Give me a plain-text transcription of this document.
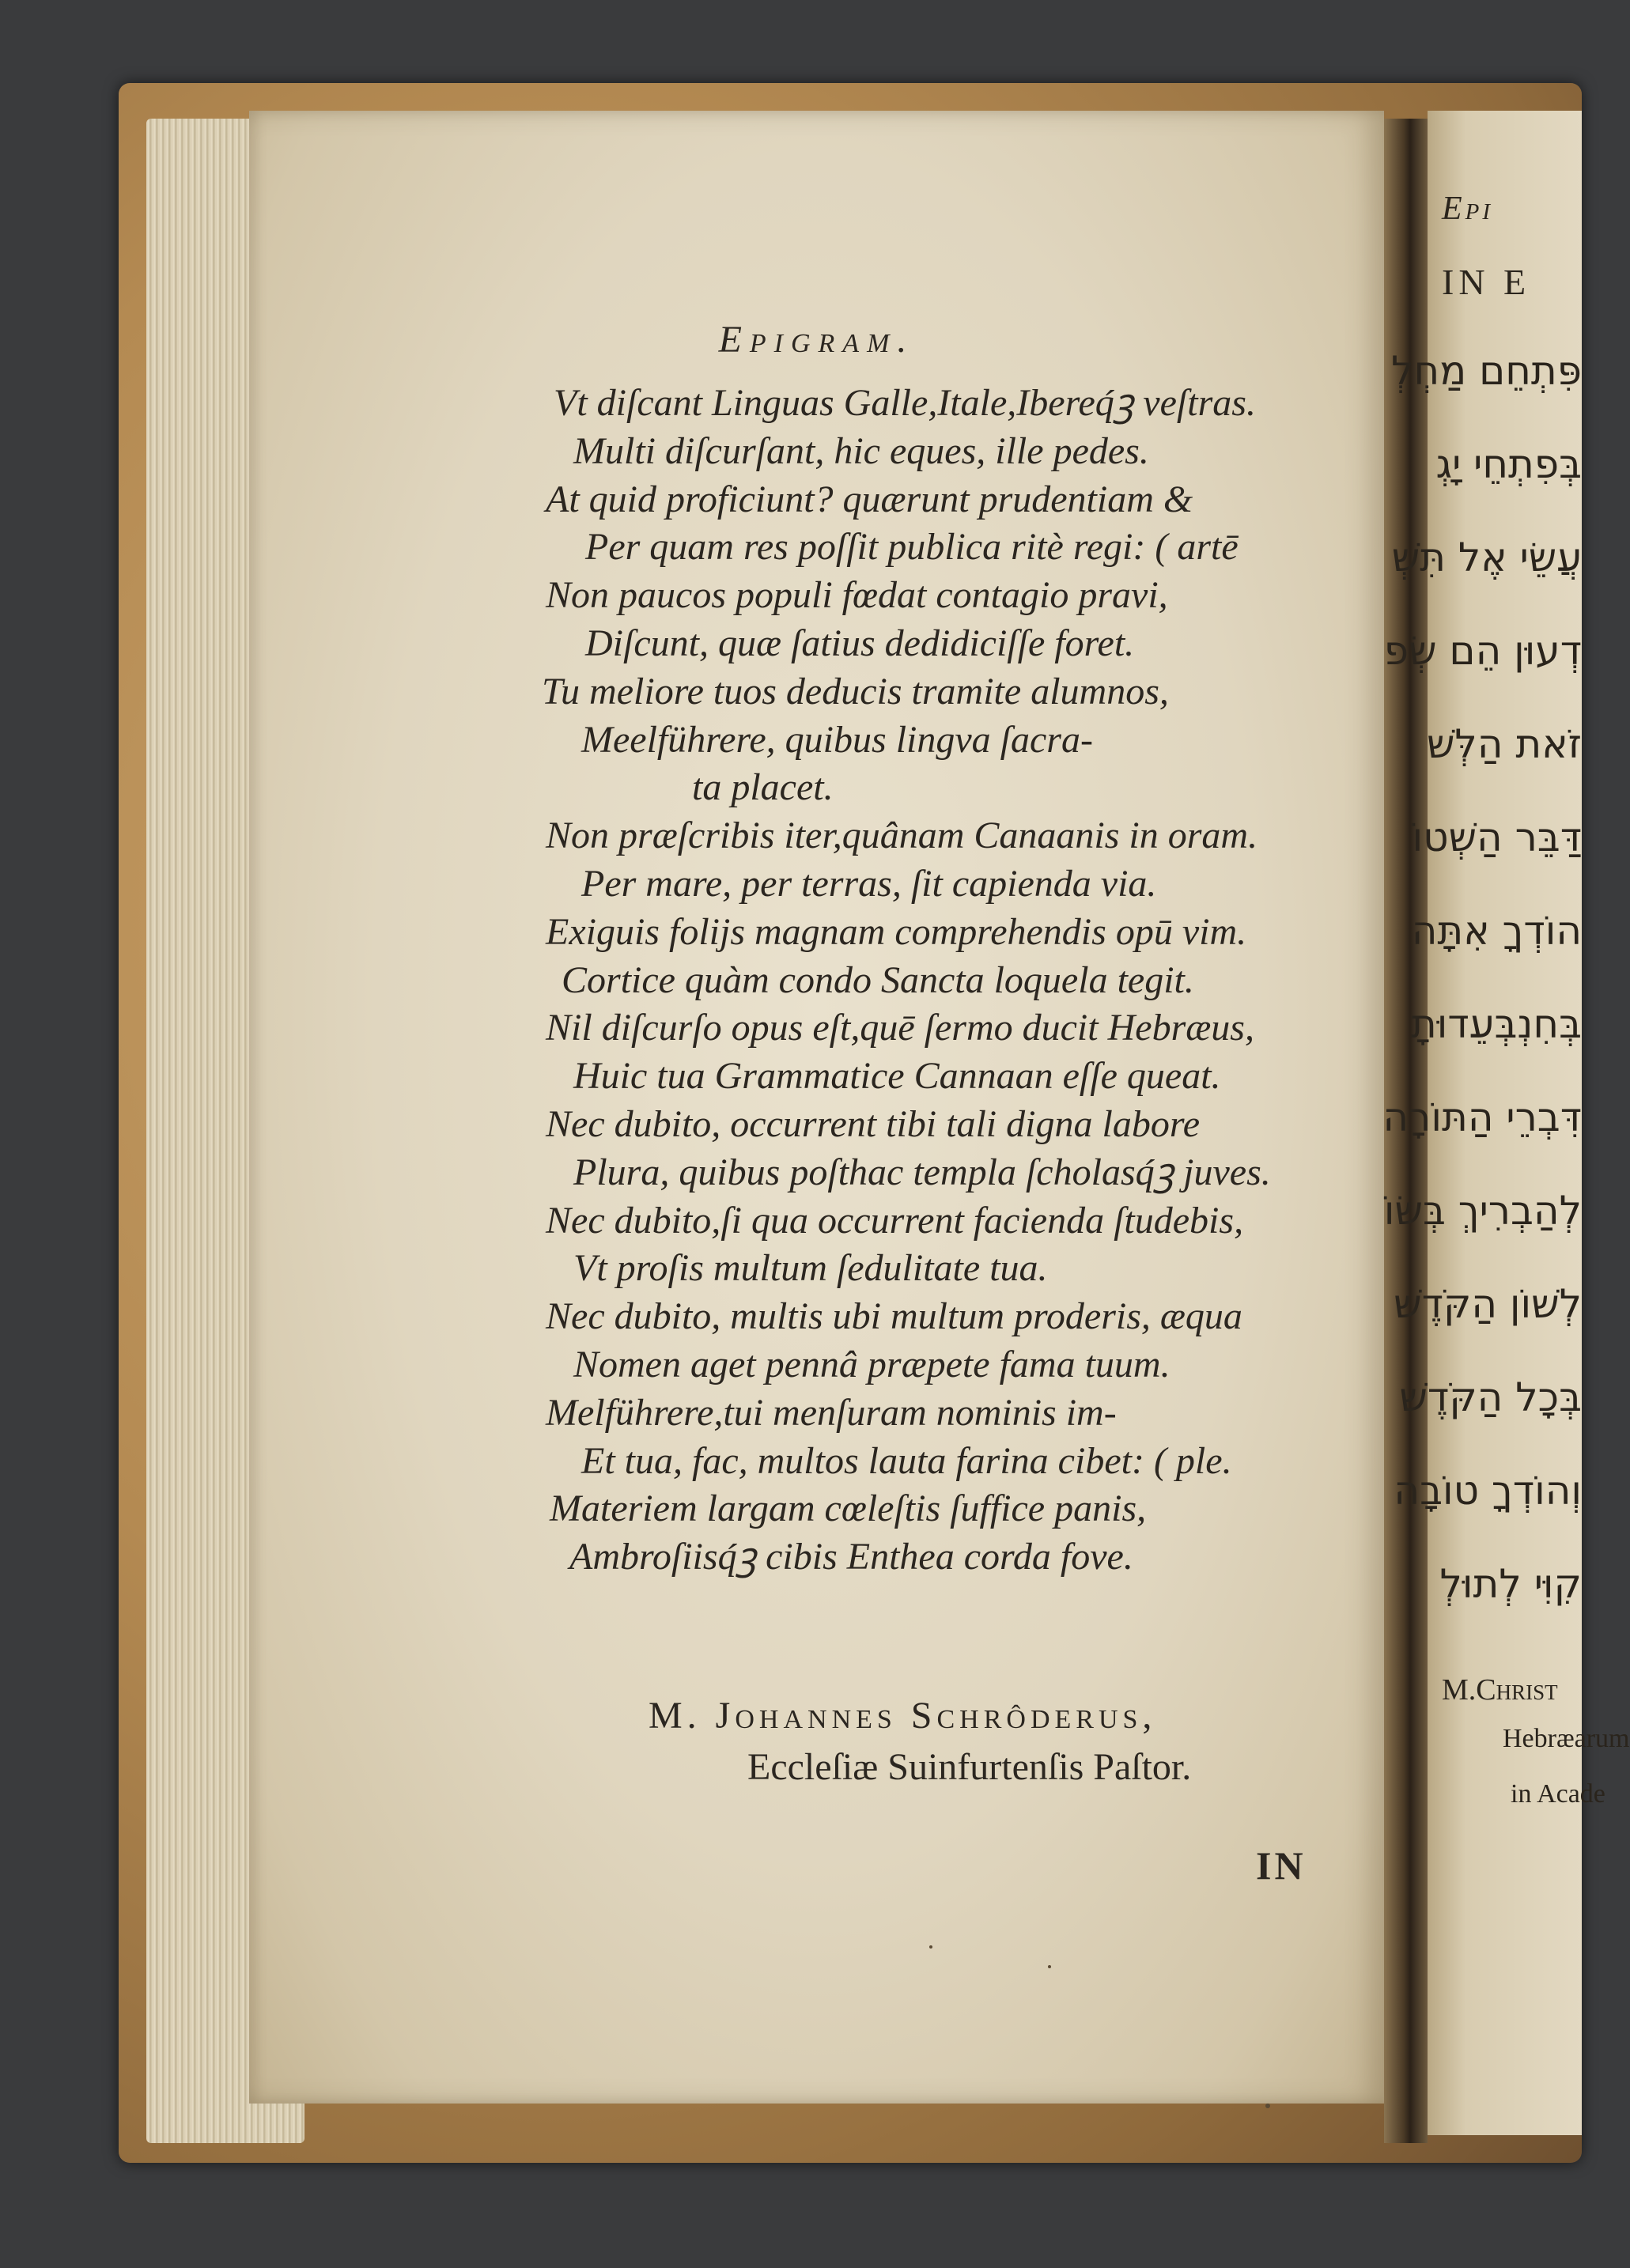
Epigram.
Vt diſcant Linguas Galle,Itale,Ibereq́ꝫ veſtras.
Multi diſcurſant, hic eques, ille pedes.
At quid proficiunt? quærunt prudentiam &
Per quam res poſſit publica ritè regi: ( artē
Non paucos populi fœdat contagio pravi,
Diſcunt, quæ ſatius dedidiciſſe foret.
Tu meliore tuos deducis tramite alumnos,
Meelführere, quibus lingva ſacra-
ta placet.
Non præſcribis iter,quânam Canaanis in oram.
Per mare, per terras, ſit capienda via.
Exiguis folijs magnam comprehendis opū vim.
Cortice quàm condo Sancta loquela tegit.
Nil diſcurſo opus eſt,quē ſermo ducit Hebræus,
Huic tua Grammatice Cannaan eſſe queat.
Nec dubito, occurrent tibi tali digna labore
Plura, quibus poſthac templa ſcholasq́ꝫ juves.
Nec dubito,ſi qua occurrent facienda ſtudebis,
Vt proſis multum ſedulitate tua.
Nec dubito, multis ubi multum proderis, æqua
Nomen aget pennâ præpete fama tuum.
Melführere,tui menſuram nominis im-
Et tua, fac, multos lauta farina cibet: ( ple.
Materiem largam cœleſtis ſuffice panis,
Ambroſiisq́ꝫ cibis Enthea corda fove.
M. Johannes Schrôderus,
Eccleſiæ Suinfurtenſis Paſtor.
IN
Epi
IN E
פִּתְחֵם מַחְלְ
בְּפִתְחֵי יָגְ
עֲשֵׂי אֶל תִּשְׁ
דְעוּן הֵם שְׂפ
זֹאת הַלְּשׁ
דַּבֵּר הַשְׁטוֹ
הוֹדְךָ אִתָּה
בְּחִנְבְּעֵדוּתָ
דִּבְרֵי הַתּוֹרָה
לְהַבְרִיךְ בְּשׂוֹ
לְשׁוֹן הַקֹּדֶשׁ
בְּכָל הַקֹּדֶשׁ
וְהוֹדְךָ טוֹבָה
קִוִּי לְתוּלְ
M.Christ
Hebræarum
in Acade
